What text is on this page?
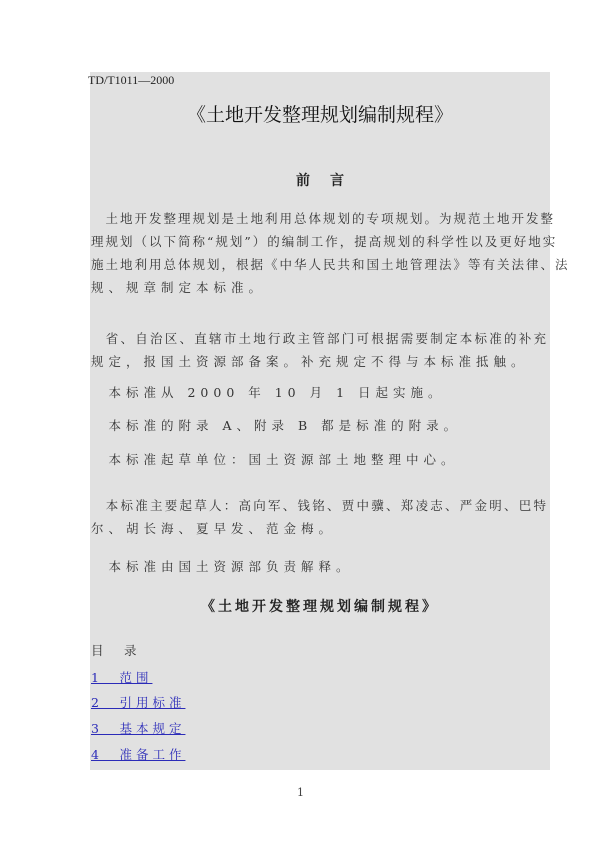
TD/T1011—2000
《土地开发整理规划编制规程》
前言
　土地开发整理规划是土地利用总体规划的专项规划。为规范土地开发整
理规划（以下简称“规划”）的编制工作，提高规划的科学性以及更好地实
施土地利用总体规划，根据《中华人民共和国土地管理法》等有关法律、法
规、规章制定本标准。
　省、自治区、直辖市土地行政主管部门可根据需要制定本标准的补充
规定，报国土资源部备案。补充规定不得与本标准抵触。
　本标准从 2000 年 10 月 1 日起实施。
　本标准的附录 A、附录 B 都是标准的附录。
　本标准起草单位：国土资源部土地整理中心。
　本标准主要起草人：高向军、钱铭、贾中骥、郑凌志、严金明、巴特
尔、胡长海、夏早发、范金梅。
　本标准由国土资源部负责解释。
《土地开发整理规划编制规程》
目　录
1　范围
2　引用标准
3　基本规定
4　准备工作
1
